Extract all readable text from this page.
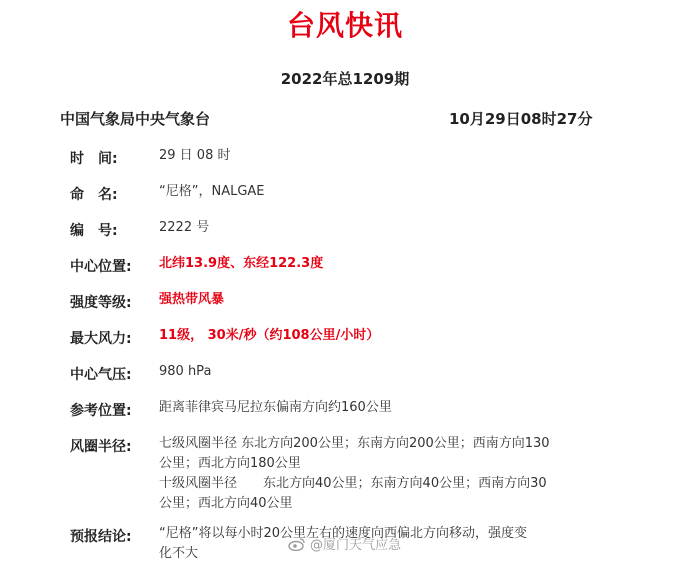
台风快讯
2022年总1209期
中国气象局中央气象台	10月29日08时27分
时　间:	29 日 08 时
命　名:	“尼格”，NALGAE
编　号:	2222 号
中心位置:	北纬13.9度、东经122.3度
强度等级:	强热带风暴
最大风力:	11级， 30米/秒（约108公里/小时）
中心气压:	980 hPa
参考位置:	距离菲律宾马尼拉东偏南方向约160公里
风圈半径:	七级风圈半径 东北方向200公里；东南方向200公里；西南方向130
公里；西北方向180公里
十级风圈半径　　东北方向40公里；东南方向40公里；西南方向30
公里；西北方向40公里
预报结论:	“尼格”将以每小时20公里左右的速度向西偏北方向移动，强度变
化不大
@厦门天气应急
